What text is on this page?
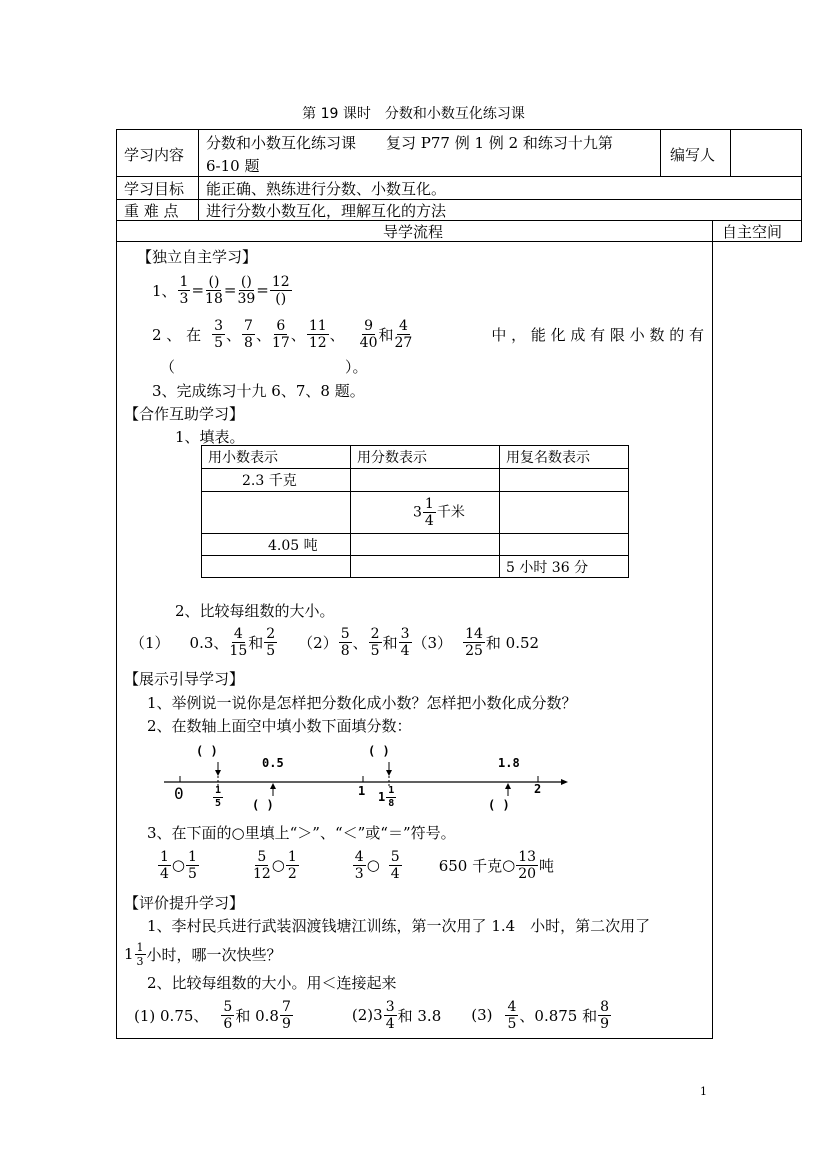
第 19 课时　分数和小数互化练习课
学习内容
分数和小数互化练习课　　复习 P77 例 1 例 2 和练习十九第
6-10 题
编写人
学习目标 能正确、熟练进行分数、小数互化。
重 难 点 进行分数小数互化，理解互化的方法
导学流程	自主空间
【独立自主学习】
1、 $\frac{1}{3} = \frac{()}{18} = \frac{()}{39} = \frac{12}{()}$
2 、 在 $\frac{3}{5}$ 、 $\frac{7}{8}$ 、 $\frac{6}{17}$ 、 $\frac{11}{12}$ 、 $\frac{9}{40}$ 和 $\frac{4}{27}$	中 ， 能 化 成 有 限 小 数 的 有
（	）。
3、完成练习十九 6、7、8 题。
【合作互助学习】
1、填表。
用小数表示	用分数表示	用复名数表示
2.3 千克		
	$3 \frac{1}{4}$ 千米	
4.05 吨		
		5 小时 36 分
2、比较每组数的大小。
（1） 0.3、 $\frac{4}{15}$ 和 $\frac{2}{5} (2) \frac{5}{8}$ 、 $\frac{2}{5}$ 和 $\frac{3}{4} (3) \frac{14}{25}$ 和 0.52
【展示引导学习】
1、举例说一说你是怎样把分数化成小数？怎样把小数化成分数？
2、在数轴上面空中填小数下面填分数：
( )
0.5
( )
1.8
0	1	2
$\frac{1}{5}$	$1 \frac{1}{8}$
( )	( )
3、在下面的○里填上“＞”、“＜”或“＝”符号。
$\frac{1}{4}$ ○ $\frac{1}{5}$	$\frac{5}{12}$ ○ $\frac{1}{2}$	$\frac{4}{3}$ ○ $\frac{5}{4} 650$ 千克 ○ $\frac{13}{20}$ 吨
【评价提升学习】
1、李村民兵进行武装泅渡钱塘江训练，第一次用了 1.4　小时，第二次用了
$1 \frac{1}{3}$ 小时，哪一次快些？
2、比较每组数的大小。用＜连接起来
(1) 0.75、 $\frac{5}{6}$ 和 $0.8 \frac{7}{9}$	$(2)3 \frac{3}{4}$ 和 3.8 $(3) \frac{4}{5}$ 、0.875 和 $\frac{8}{9}$
1
